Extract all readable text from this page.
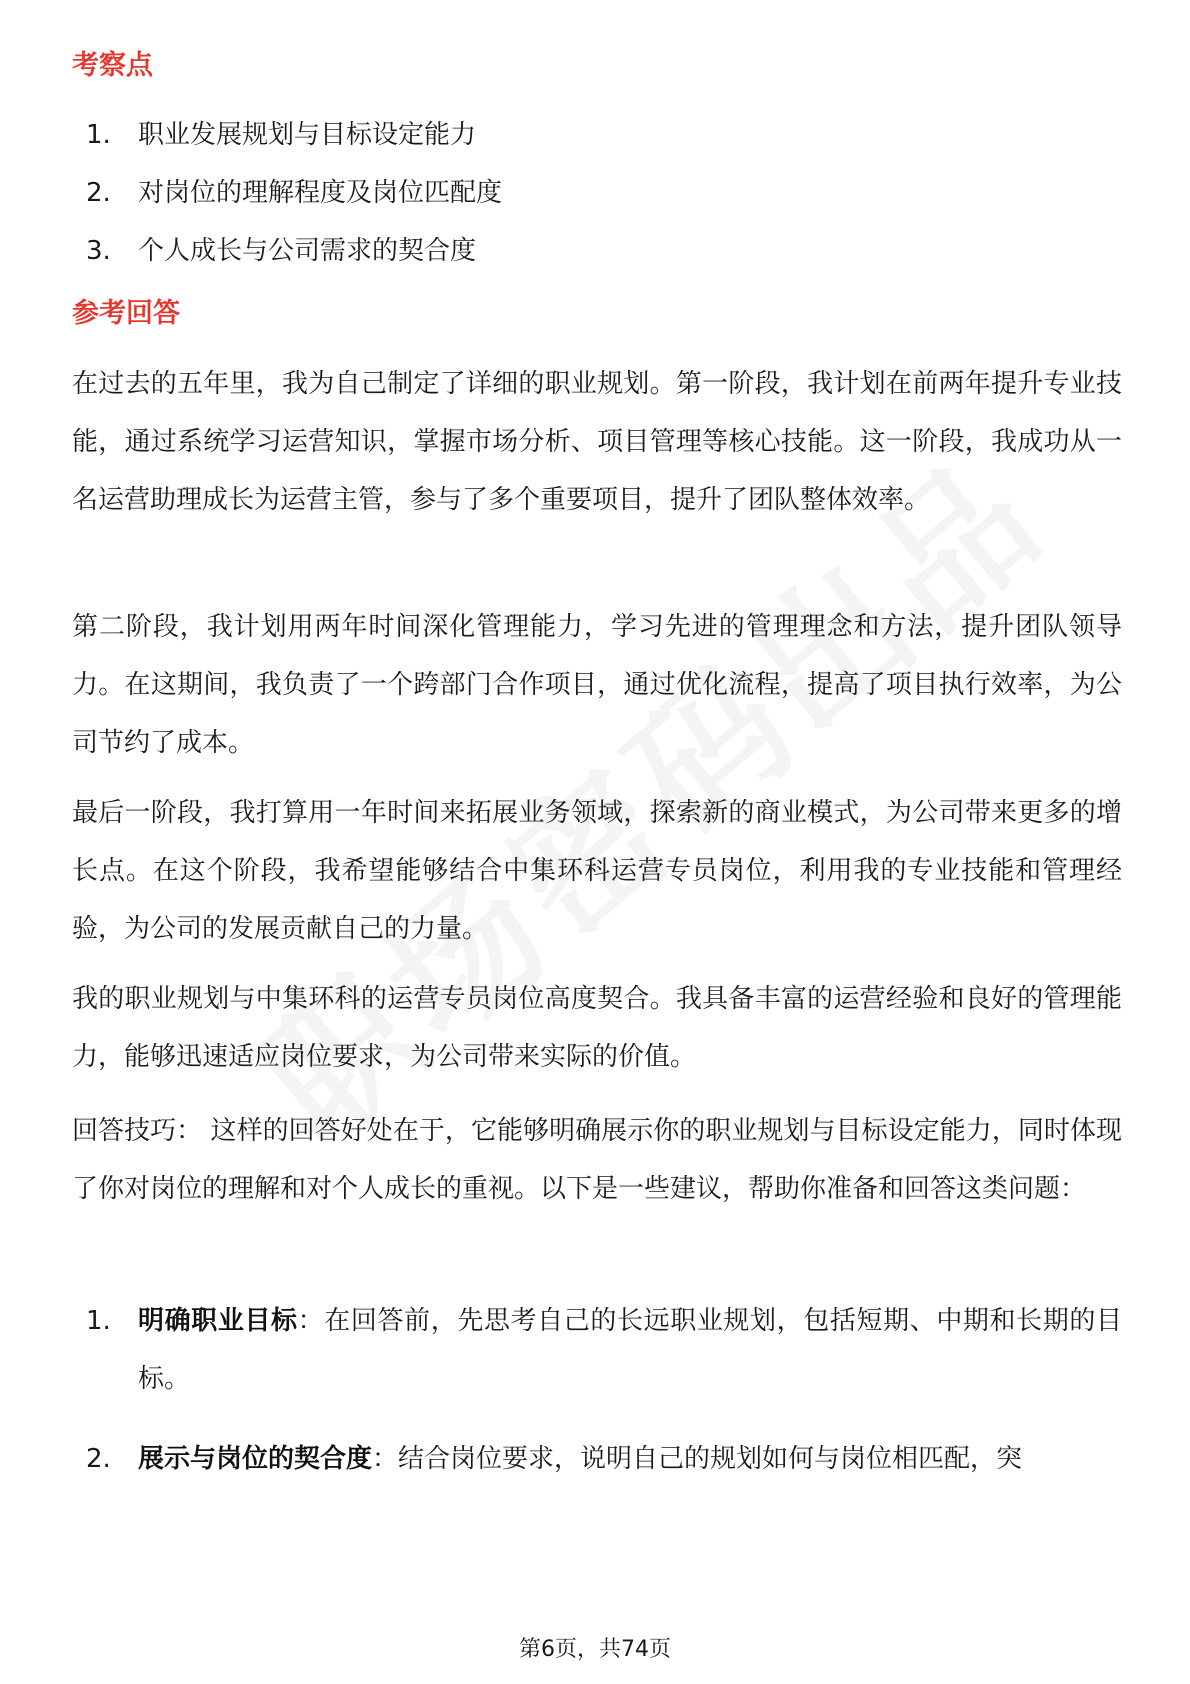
考察点
1.	职业发展规划与目标设定能力
2.	对岗位的理解程度及岗位匹配度
3.	个人成长与公司需求的契合度
参考回答
在过去的五年里，我为自己制定了详细的职业规划。第一阶段，我计划在前两年提升专业技能，通过系统学习运营知识，掌握市场分析、项目管理等核心技能。这一阶段，我成功从一名运营助理成长为运营主管，参与了多个重要项目，提升了团队整体效率。
第二阶段，我计划用两年时间深化管理能力，学习先进的管理理念和方法，提升团队领导力。在这期间，我负责了一个跨部门合作项目，通过优化流程，提高了项目执行效率，为公司节约了成本。
最后一阶段，我打算用一年时间来拓展业务领域，探索新的商业模式，为公司带来更多的增长点。在这个阶段，我希望能够结合中集环科运营专员岗位，利用我的专业技能和管理经验，为公司的发展贡献自己的力量。
我的职业规划与中集环科的运营专员岗位高度契合。我具备丰富的运营经验和良好的管理能力，能够迅速适应岗位要求，为公司带来实际的价值。
回答技巧： 这样的回答好处在于，它能够明确展示你的职业规划与目标设定能力，同时体现了你对岗位的理解和对个人成长的重视。以下是一些建议，帮助你准备和回答这类问题：
1.	明确职业目标：在回答前，先思考自己的长远职业规划，包括短期、中期和长期的目标。
2.	展示与岗位的契合度：结合岗位要求，说明自己的规划如何与岗位相匹配，突
第6页，共74页
